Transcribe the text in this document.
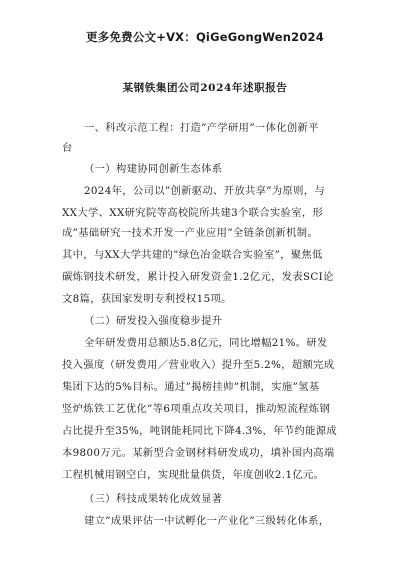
更多免费公文+VX：QiGeGongWen2024
某钢铁集团公司2024年述职报告
一、科改示范工程：打造”产学研用”一体化创新平
台
（一）构建协同创新生态体系
2024年，公司以”创新驱动、开放共享”为原则，与
XX大学、XX研究院等高校院所共建3个联合实验室，形
成”基础研究一技术开发一产业应用”全链条创新机制。
其中，与XX大学共建的”绿色冶金联合实验室”，聚焦低
碳炼钢技术研发，累计投入研发资金1.2亿元，发表SCI论
文8篇，获国家发明专利授权15项。
（二）研发投入强度稳步提升
全年研发费用总额达5.8亿元，同比增幅21%。研发
投入强度（研发费用／营业收入）提升至5.2%，超额完成
集团下达的5%目标。通过”揭榜挂帅”机制，实施”氢基
竖炉炼铁工艺优化”等6项重点攻关项目，推动短流程炼钢
占比提升至35%，吨钢能耗同比下降4.3%，年节约能源成
本9800万元。某新型合金钢材料研发成功，填补国内高端
工程机械用钢空白，实现批量供货，年度创收2.1亿元。
（三）科技成果转化成效显著
建立”成果评估一中试孵化一产业化”三级转化体系，
